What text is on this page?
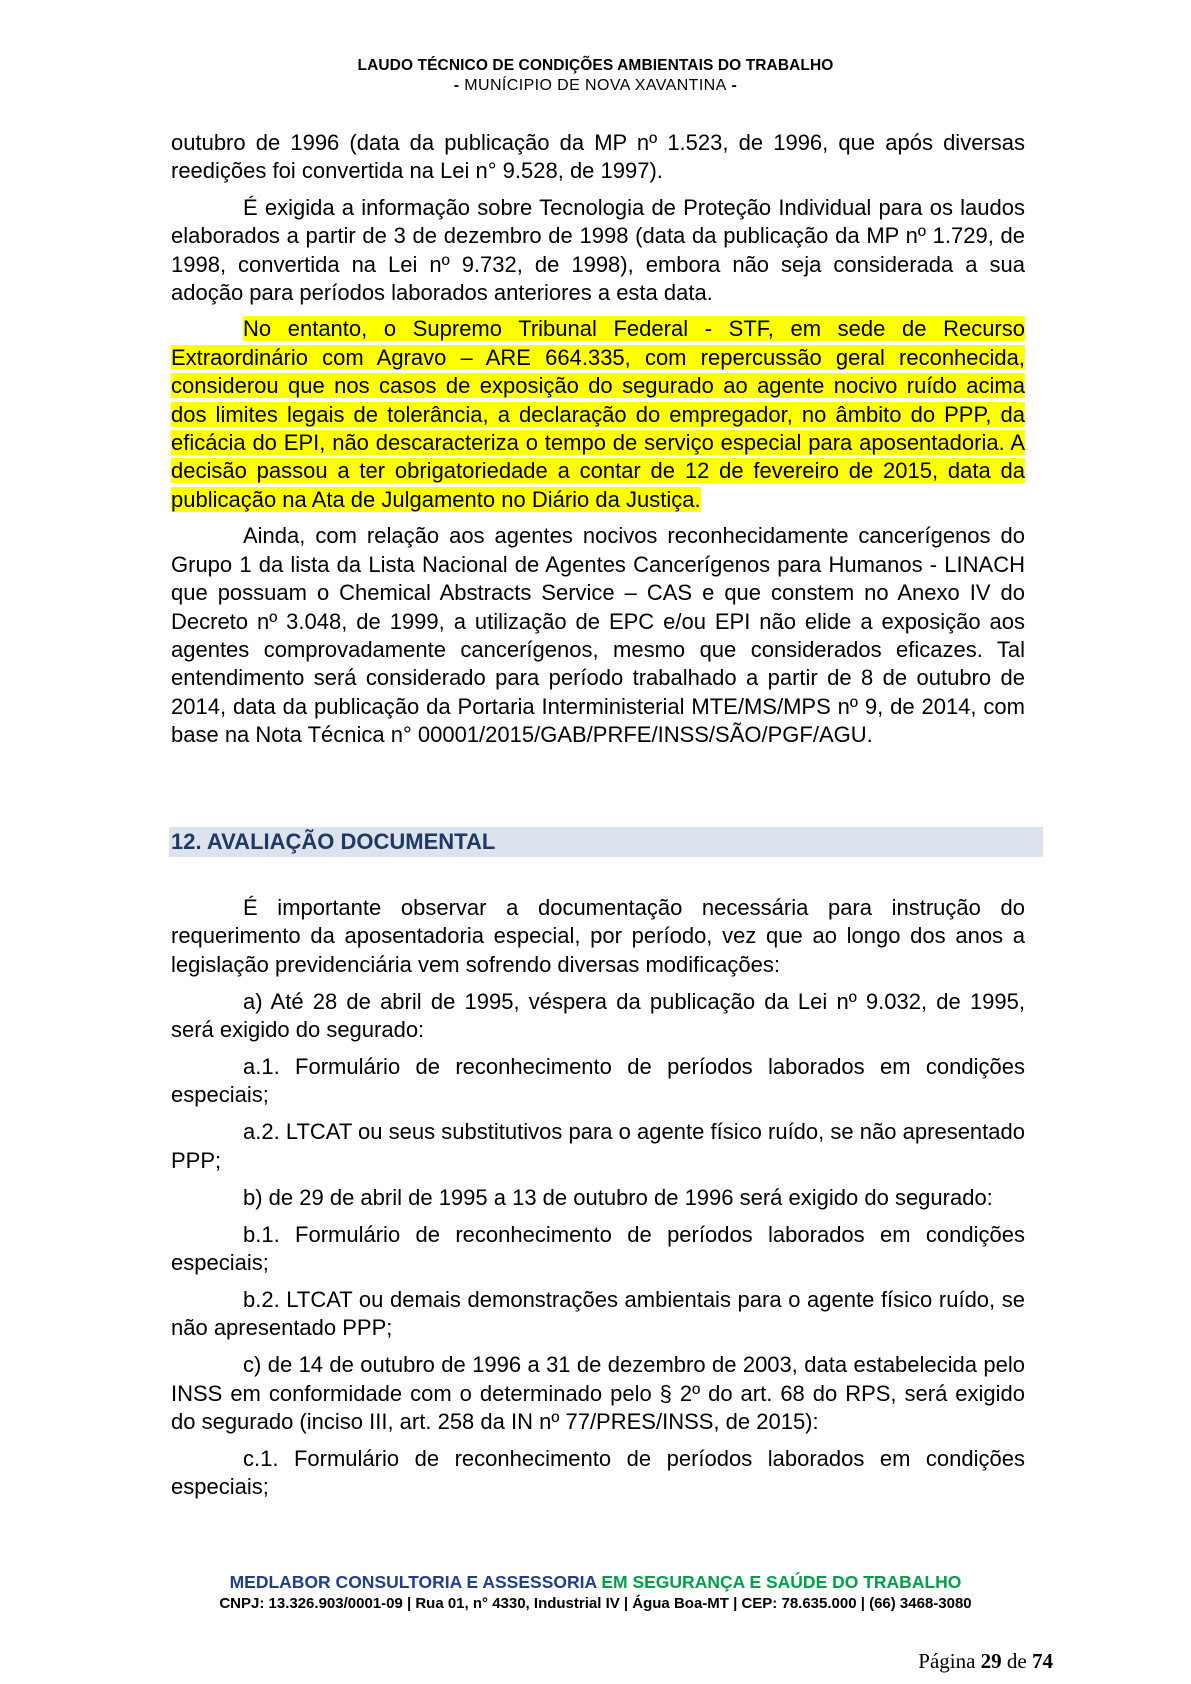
LAUDO TÉCNICO DE CONDIÇÕES AMBIENTAIS DO TRABALHO
- MUNÍCIPIO DE NOVA XAVANTINA -

outubro de 1996 (data da publicação da MP nº 1.523, de 1996, que após diversas reedições foi convertida na Lei n° 9.528, de 1997).

É exigida a informação sobre Tecnologia de Proteção Individual para os laudos elaborados a partir de 3 de dezembro de 1998 (data da publicação da MP nº 1.729, de 1998, convertida na Lei nº 9.732, de 1998), embora não seja considerada a sua adoção para períodos laborados anteriores a esta data.

No entanto, o Supremo Tribunal Federal - STF, em sede de Recurso Extraordinário com Agravo – ARE 664.335, com repercussão geral reconhecida, considerou que nos casos de exposição do segurado ao agente nocivo ruído acima dos limites legais de tolerância, a declaração do empregador, no âmbito do PPP, da eficácia do EPI, não descaracteriza o tempo de serviço especial para aposentadoria. A decisão passou a ter obrigatoriedade a contar de 12 de fevereiro de 2015, data da publicação na Ata de Julgamento no Diário da Justiça.

Ainda, com relação aos agentes nocivos reconhecidamente cancerígenos do Grupo 1 da lista da Lista Nacional de Agentes Cancerígenos para Humanos - LINACH que possuam o Chemical Abstracts Service – CAS e que constem no Anexo IV do Decreto nº 3.048, de 1999, a utilização de EPC e/ou EPI não elide a exposição aos agentes comprovadamente cancerígenos, mesmo que considerados eficazes. Tal entendimento será considerado para período trabalhado a partir de 8 de outubro de 2014, data da publicação da Portaria Interministerial MTE/MS/MPS nº 9, de 2014, com base na Nota Técnica n° 00001/2015/GAB/PRFE/INSS/SÃO/PGF/AGU.

12. AVALIAÇÃO DOCUMENTAL

É importante observar a documentação necessária para instrução do requerimento da aposentadoria especial, por período, vez que ao longo dos anos a legislação previdenciária vem sofrendo diversas modificações:

a) Até 28 de abril de 1995, véspera da publicação da Lei nº 9.032, de 1995, será exigido do segurado:

a.1. Formulário de reconhecimento de períodos laborados em condições especiais;

a.2. LTCAT ou seus substitutivos para o agente físico ruído, se não apresentado PPP;

b) de 29 de abril de 1995 a 13 de outubro de 1996 será exigido do segurado:

b.1. Formulário de reconhecimento de períodos laborados em condições especiais;

b.2. LTCAT ou demais demonstrações ambientais para o agente físico ruído, se não apresentado PPP;

c) de 14 de outubro de 1996 a 31 de dezembro de 2003, data estabelecida pelo INSS em conformidade com o determinado pelo § 2º do art. 68 do RPS, será exigido do segurado (inciso III, art. 258 da IN nº 77/PRES/INSS, de 2015):

c.1. Formulário de reconhecimento de períodos laborados em condições especiais;

MEDLABOR CONSULTORIA E ASSESSORIA EM SEGURANÇA E SAÚDE DO TRABALHO
CNPJ: 13.326.903/0001-09 | Rua 01, n° 4330, Industrial IV | Água Boa-MT | CEP: 78.635.000 | (66) 3468-3080
Página 29 de 74
